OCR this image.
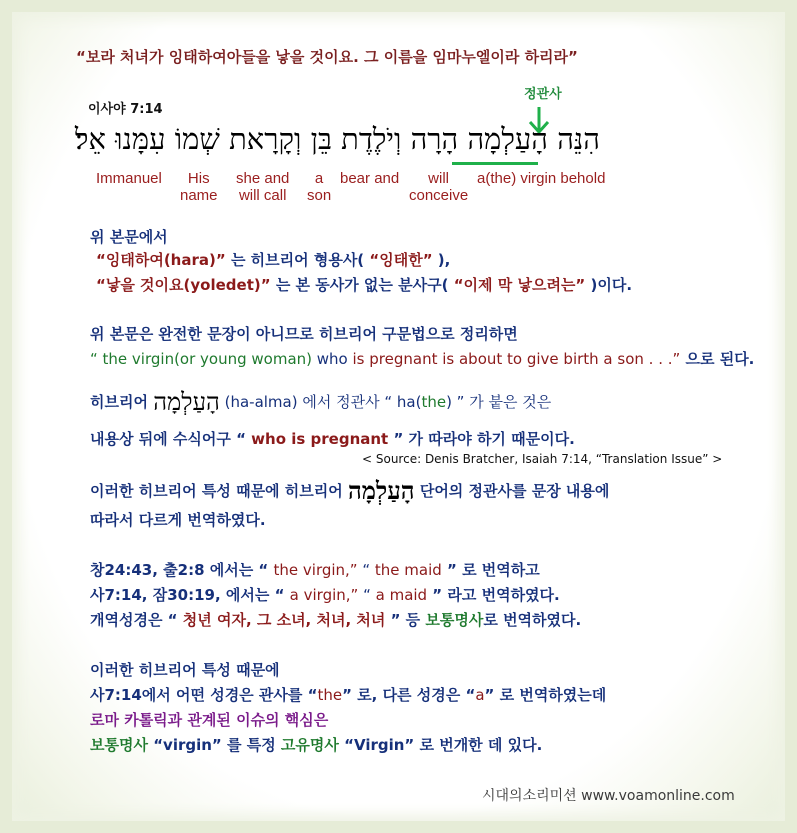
“보라 처녀가 잉태하여아들을 낳을 것이요. 그 이름을 임마누엘이라 하리라”
이사야 7:14
정관사
הִנֵּה הָעַלְמָה הָרָה וְיֹלֶדֶת בֵּן וְקָרָאת שְׁמוֹ עִמָּנוּ אֵל׃
Immanuel	His
name
she and
will call
a
son
bear and	will
conceive
a(the) virgin behold

위 본문에서
“잉태하여(hara)” 는 히브리어 형용사( “잉태한” ),
“낳을 것이요(yoledet)” 는 본 동사가 없는 분사구( “이제 막 낳으려는” )이다.
위 본문은 완전한 문장이 아니므로 히브리어 구문법으로 정리하면
“ the virgin(or young woman) who is pregnant is about to give birth a son . . .” 으로 된다.
히브리어 הָעַלְמָה (ha-alma) 에서 정관사 “ ha(the) ” 가 붙은 것은
내용상 뒤에 수식어구 “ who is pregnant ” 가 따라야 하기 때문이다.
< Source: Denis Bratcher, Isaiah 7:14, “Translation Issue” >
이러한 히브리어 특성 때문에 히브리어 הָעַלְמָה 단어의 정관사를 문장 내용에
따라서 다르게 번역하였다.
창24:43, 출2:8 에서는 “ the virgin,” “ the maid ” 로 번역하고
사7:14, 잠30:19, 에서는 “ a virgin,” “ a maid ” 라고 번역하였다.
개역성경은 “ 청년 여자, 그 소녀, 처녀, 처녀 ” 등 보통명사로 번역하였다.
이러한 히브리어 특성 때문에
사7:14에서 어떤 성경은 관사를 “the” 로, 다른 성경은 “a” 로 번역하였는데
로마 카톨릭과 관계된 이슈의 핵심은
보통명사 “virgin” 를 특정 고유명사 “Virgin” 로 번개한 데 있다.
시대의소리미션 www.voamonline.com
